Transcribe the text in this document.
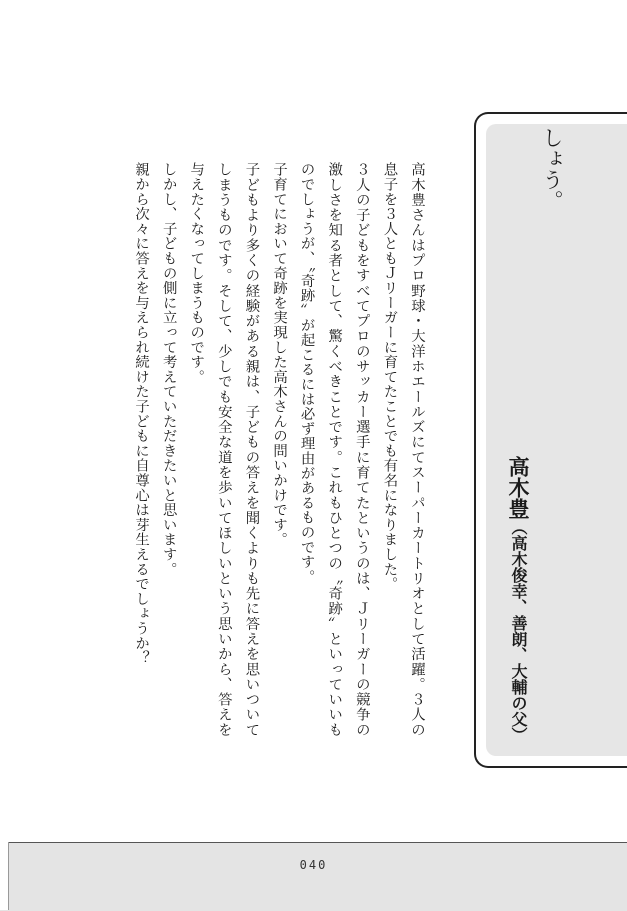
しょう。
高木豊（高木俊幸、善朗、大輔の父）

高木豊さんはプロ野球・大洋ホエールズにてスーパーカートリオとして活躍。３人の息子を３人ともＪリーガーに育てたことでも有名になりました。

３人の子どもをすべてプロのサッカー選手に育てたというのは、Ｊリーガーの競争の激しさを知る者として、驚くべきことです。これもひとつの〝奇跡〟といっていいものでしょうが、〝奇跡〟が起こるには必ず理由があるものです。

子育てにおいて奇跡を実現した高木さんの問いかけです。

子どもより多くの経験がある親は、子どもの答えを聞くよりも先に答えを思いついてしまうものです。そして、少しでも安全な道を歩いてほしいという思いから、答えを与えたくなってしまうものです。

しかし、子どもの側に立って考えていただきたいと思います。

親から次々に答えを与えられ続けた子どもに自尊心は芽生えるでしょうか？

040
